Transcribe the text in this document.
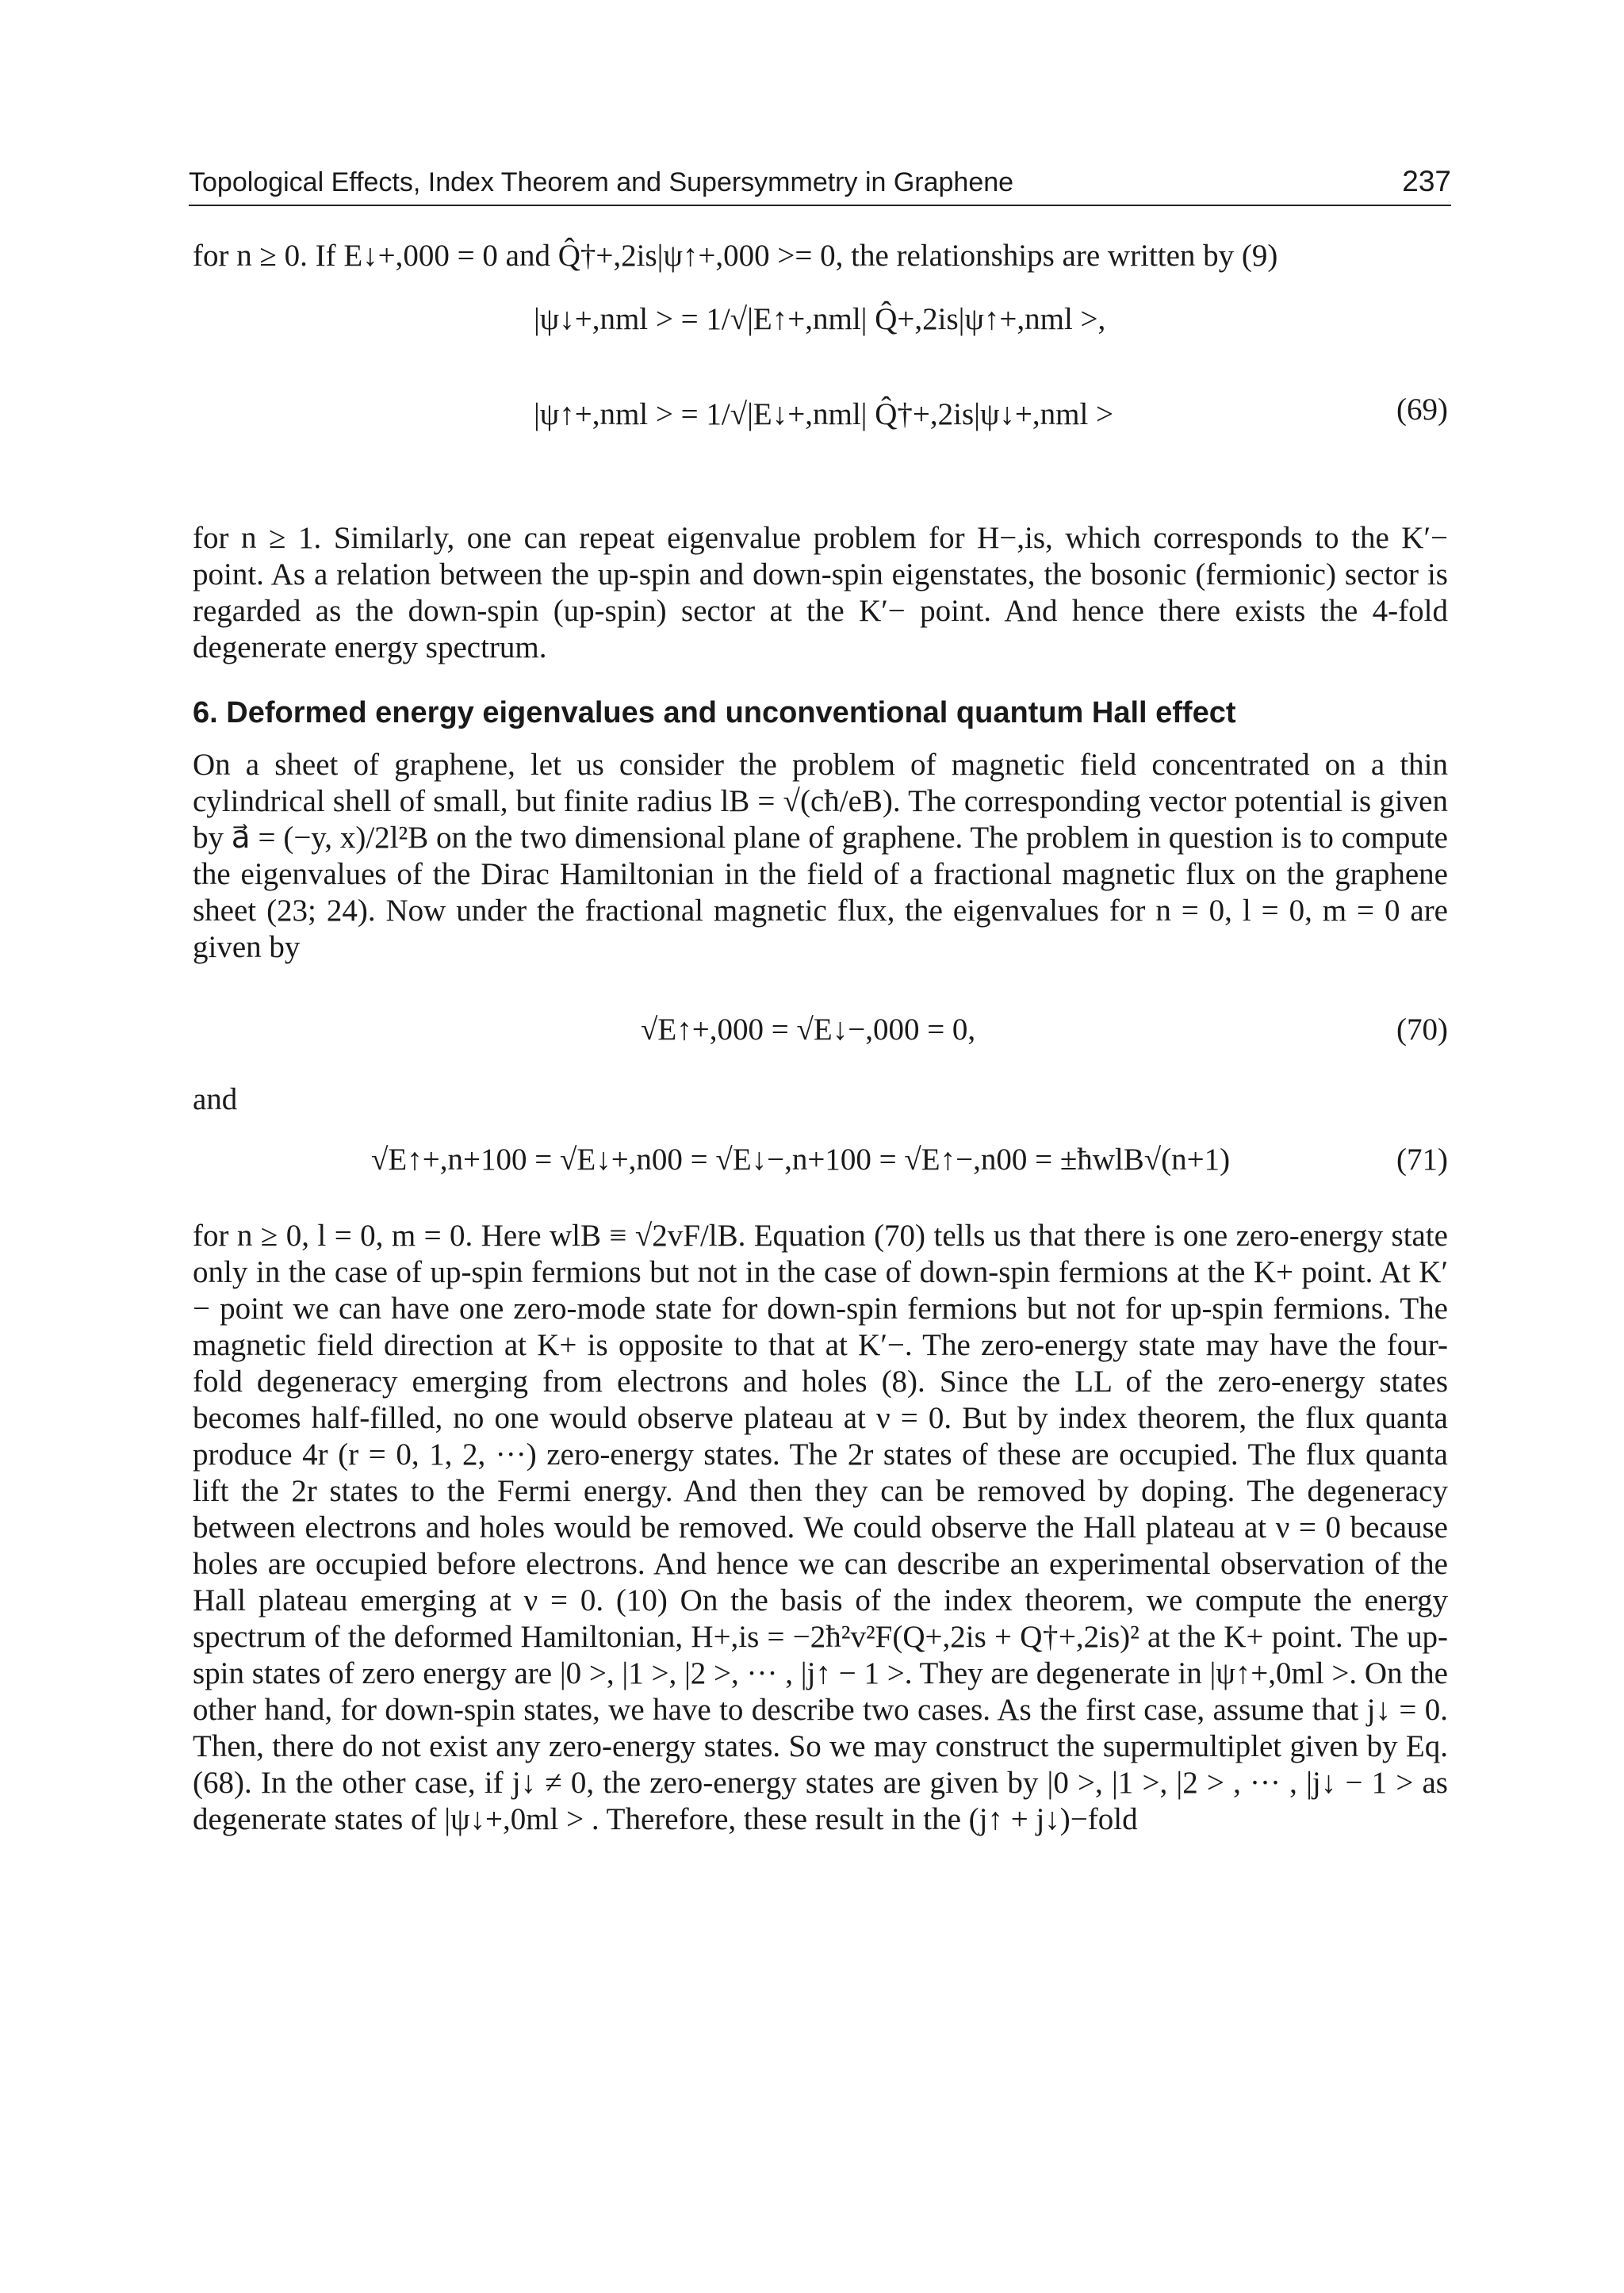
Topological Effects, Index Theorem and Supersymmetry in Graphene	237

for n ≥ 0. If E↓+,000 = 0 and Q̂†+,2is|ψ↑+,000 >= 0, the relationships are written by (9)

|ψ↓+,nml > = 1/√|E↑+,nml| Q̂+,2is|ψ↑+,nml >,
|ψ↑+,nml > = 1/√|E↓+,nml| Q̂†+,2is|ψ↓+,nml >	(69)

for n ≥ 1. Similarly, one can repeat eigenvalue problem for H−,is, which corresponds to the K′− point. As a relation between the up-spin and down-spin eigenstates, the bosonic (fermionic) sector is regarded as the down-spin (up-spin) sector at the K′− point. And hence there exists the 4-fold degenerate energy spectrum.

6. Deformed energy eigenvalues and unconventional quantum Hall effect

On a sheet of graphene, let us consider the problem of magnetic field concentrated on a thin cylindrical shell of small, but finite radius lB = √(cħ/eB). The corresponding vector potential is given by a⃗ = (−y, x)/2l²B on the two dimensional plane of graphene. The problem in question is to compute the eigenvalues of the Dirac Hamiltonian in the field of a fractional magnetic flux on the graphene sheet (23; 24). Now under the fractional magnetic flux, the eigenvalues for n = 0, l = 0, m = 0 are given by

√E↑+,000 = √E↓−,000 = 0,	(70)

and

√E↑+,n+100 = √E↓+,n00 = √E↓−,n+100 = √E↑−,n00 = ±ħwlB√(n+1)	(71)

for n ≥ 0, l = 0, m = 0. Here wlB ≡ √2vF/lB. Equation (70) tells us that there is one zero-energy state only in the case of up-spin fermions but not in the case of down-spin fermions at the K+ point. At K′− point we can have one zero-mode state for down-spin fermions but not for up-spin fermions. The magnetic field direction at K+ is opposite to that at K′−. The zero-energy state may have the four-fold degeneracy emerging from electrons and holes (8). Since the LL of the zero-energy states becomes half-filled, no one would observe plateau at ν = 0. But by index theorem, the flux quanta produce 4r (r = 0, 1, 2, ···) zero-energy states. The 2r states of these are occupied. The flux quanta lift the 2r states to the Fermi energy. And then they can be removed by doping. The degeneracy between electrons and holes would be removed. We could observe the Hall plateau at ν = 0 because holes are occupied before electrons. And hence we can describe an experimental observation of the Hall plateau emerging at ν = 0. (10) On the basis of the index theorem, we compute the energy spectrum of the deformed Hamiltonian, H+,is = −2ħ²v²F(Q+,2is + Q†+,2is)² at the K+ point. The up-spin states of zero energy are |0 >, |1 >, |2 >, ··· , |j↑ − 1 >. They are degenerate in |ψ↑+,0ml >. On the other hand, for down-spin states, we have to describe two cases. As the first case, assume that j↓ = 0. Then, there do not exist any zero-energy states. So we may construct the supermultiplet given by Eq. (68). In the other case, if j↓ ≠ 0, the zero-energy states are given by |0 >, |1 >, |2 > , ··· , |j↓ − 1 > as degenerate states of |ψ↓+,0ml > . Therefore, these result in the (j↑ + j↓)−fold
